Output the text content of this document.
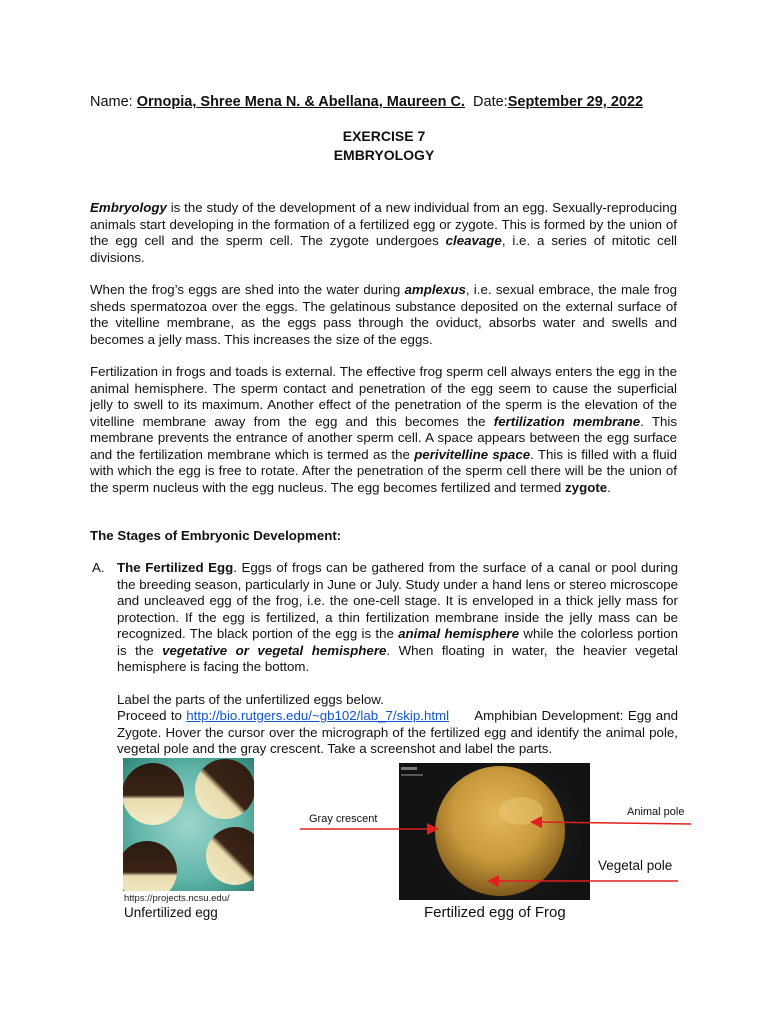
Name: Ornopia, Shree Mena N. & Abellana, Maureen C. Date:September 29, 2022
EXERCISE 7
EMBRYOLOGY
Embryology is the study of the development of a new individual from an egg. Sexually-reproducing animals start developing in the formation of a fertilized egg or zygote. This is formed by the union of the egg cell and the sperm cell. The zygote undergoes cleavage, i.e. a series of mitotic cell divisions.
When the frog’s eggs are shed into the water during amplexus, i.e. sexual embrace, the male frog sheds spermatozoa over the eggs. The gelatinous substance deposited on the external surface of the vitelline membrane, as the eggs pass through the oviduct, absorbs water and swells and becomes a jelly mass. This increases the size of the eggs.
Fertilization in frogs and toads is external. The effective frog sperm cell always enters the egg in the animal hemisphere. The sperm contact and penetration of the egg seem to cause the superficial jelly to swell to its maximum. Another effect of the penetration of the sperm is the elevation of the vitelline membrane away from the egg and this becomes the fertilization membrane. This membrane prevents the entrance of another sperm cell. A space appears between the egg surface and the fertilization membrane which is termed as the perivitelline space. This is filled with a fluid with which the egg is free to rotate. After the penetration of the sperm cell there will be the union of the sperm nucleus with the egg nucleus. The egg becomes fertilized and termed zygote.
The Stages of Embryonic Development:
A. The Fertilized Egg. Eggs of frogs can be gathered from the surface of a canal or pool during the breeding season, particularly in June or July. Study under a hand lens or stereo microscope and uncleaved egg of the frog, i.e. the one-cell stage. It is enveloped in a thick jelly mass for protection. If the egg is fertilized, a thin fertilization membrane inside the jelly mass can be recognized. The black portion of the egg is the animal hemisphere while the colorless portion is the vegetative or vegetal hemisphere. When floating in water, the heavier vegetal hemisphere is facing the bottom.
Label the parts of the unfertilized eggs below.
Proceed to http://bio.rutgers.edu/~gb102/lab_7/skip.html      Amphibian Development: Egg and Zygote. Hover the cursor over the micrograph of the fertilized egg and identify the animal pole, vegetal pole and the gray crescent. Take a screenshot and label the parts.
https://projects.ncsu.edu/
Unfertilized egg	Fertilized egg of Frog
Gray crescent
Animal pole
Vegetal pole
